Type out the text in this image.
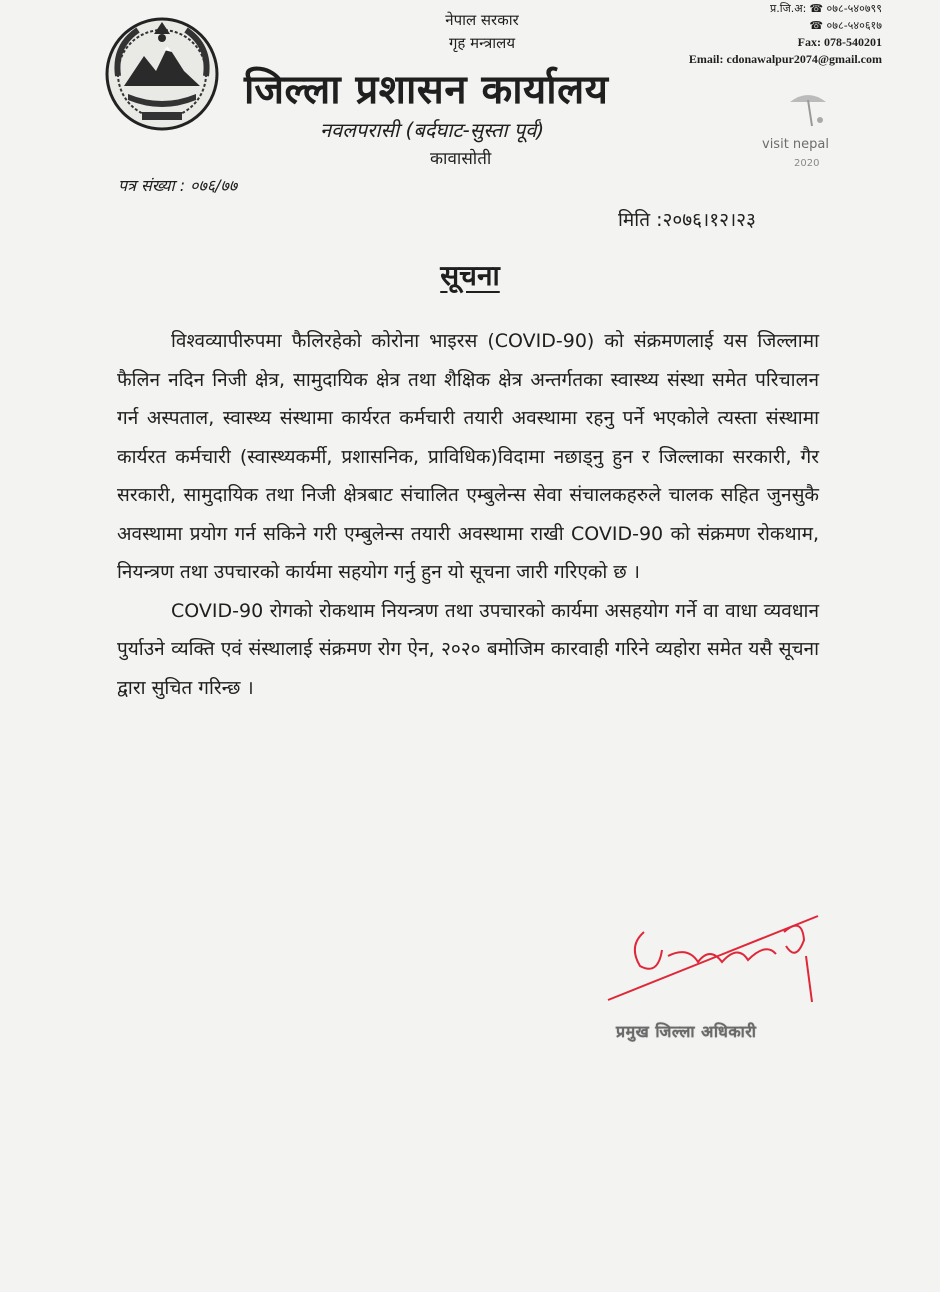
नेपाल सरकार
गृह मन्त्रालय
जिल्ला प्रशासन कार्यालय
नवलपरासी (बर्दघाट-सुस्ता पूर्व)
कावासोती
प्र.जि.अ: ☎ ०७८-५४०७९९
☎ ०७८-५४०६१७
Fax: 078-540201
Email: cdonawalpur2074@gmail.com
visit nepal
2020
पत्र संख्या : ०७६/७७
मिति :२०७६।१२।२३
सूचना

विश्वव्यापीरुपमा फैलिरहेको कोरोना भाइरस (COVID-90) को संक्रमणलाई यस जिल्लामा फैलिन नदिन निजी क्षेत्र, सामुदायिक क्षेत्र तथा शैक्षिक क्षेत्र अन्तर्गतका स्वास्थ्य संस्था समेत परिचालन गर्न अस्पताल, स्वास्थ्य संस्थामा कार्यरत कर्मचारी तयारी अवस्थामा रहनु पर्ने भएकोले त्यस्ता संस्थामा कार्यरत कर्मचारी (स्वास्थ्यकर्मी, प्रशासनिक, प्राविधिक)विदामा नछाड्नु हुन र जिल्लाका सरकारी, गैर सरकारी, सामुदायिक तथा निजी क्षेत्रबाट संचालित एम्बुलेन्स सेवा संचालकहरुले चालक सहित जुनसुकै अवस्थामा प्रयोग गर्न सकिने गरी एम्बुलेन्स तयारी अवस्थामा राखी COVID-90 को संक्रमण रोकथाम, नियन्त्रण तथा उपचारको कार्यमा सहयोग गर्नु हुन यो सूचना जारी गरिएको छ ।

COVID-90 रोगको रोकथाम नियन्त्रण तथा उपचारको कार्यमा असहयोग गर्ने वा वाधा व्यवधान पुर्याउने व्यक्ति एवं संस्थालाई संक्रमण रोग ऐन, २०२० बमोजिम कारवाही गरिने व्यहोरा समेत यसै सूचना द्वारा सुचित गरिन्छ ।

प्रमुख जिल्ला अधिकारी
